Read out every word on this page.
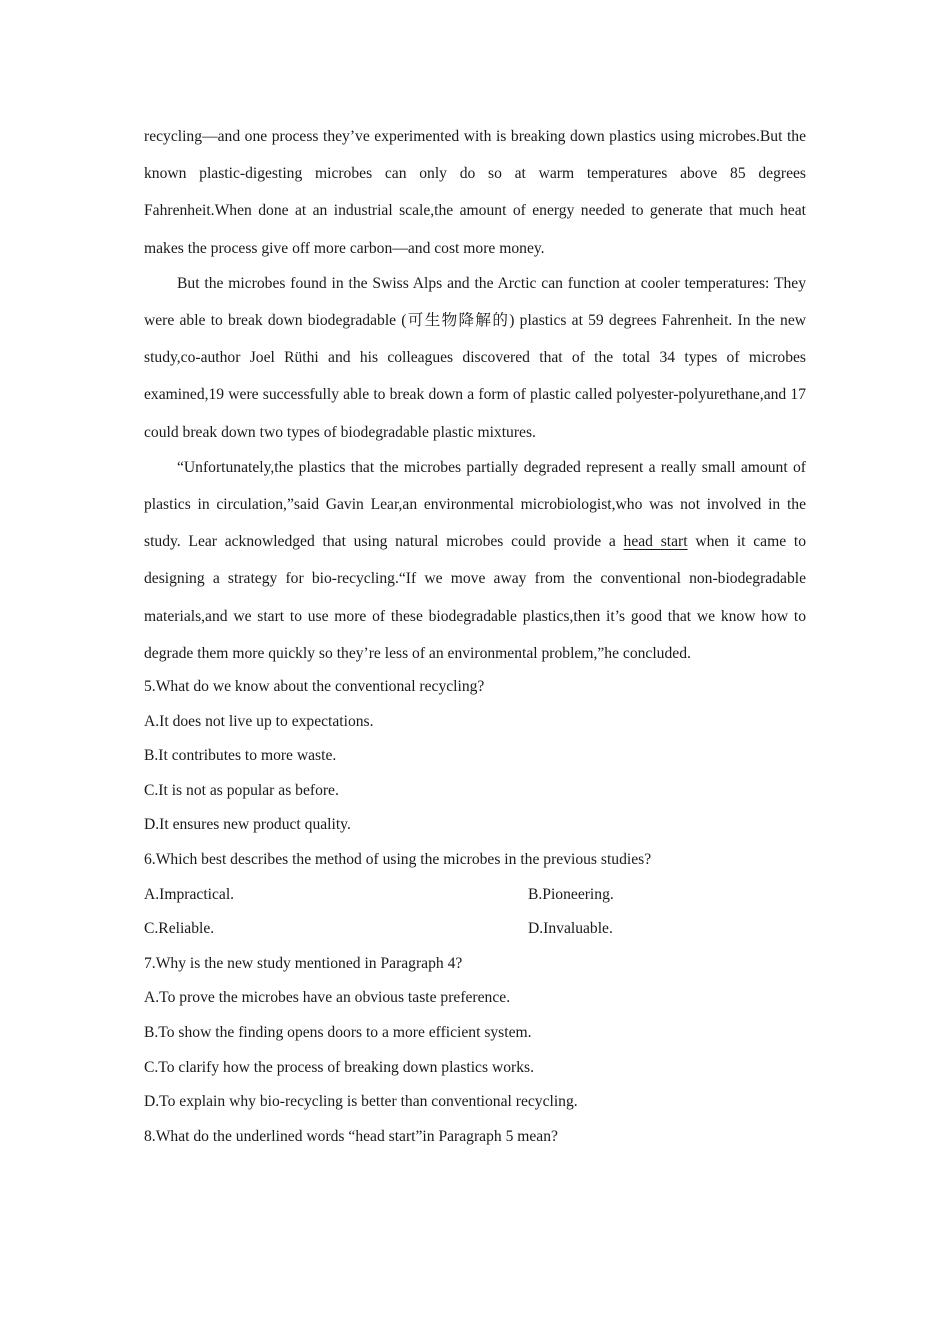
recycling—and one process they’ve experimented with is breaking down plastics using microbes.But the known plastic-digesting microbes can only do so at warm temperatures above 85 degrees Fahrenheit.When done at an industrial scale,the amount of energy needed to generate that much heat makes the process give off more carbon—and cost more money.

But the microbes found in the Swiss Alps and the Arctic can function at cooler temperatures: They were able to break down biodegradable (可生物降解的) plastics at 59 degrees Fahrenheit. In the new study,co-author Joel Rüthi and his colleagues discovered that of the total 34 types of microbes examined,19 were successfully able to break down a form of plastic called polyester-polyurethane,and 17 could break down two types of biodegradable plastic mixtures.

“Unfortunately,the plastics that the microbes partially degraded represent a really small amount of plastics in circulation,”said Gavin Lear,an environmental microbiologist,who was not involved in the study. Lear acknowledged that using natural microbes could provide a head start when it came to designing a strategy for bio-recycling.“If we move away from the conventional non-biodegradable materials,and we start to use more of these biodegradable plastics,then it’s good that we know how to degrade them more quickly so they’re less of an environmental problem,”he concluded.

5.What do we know about the conventional recycling?

A.It does not live up to expectations.

B.It contributes to more waste.

C.It is not as popular as before.

D.It ensures new product quality.

6.Which best describes the method of using the microbes in the previous studies?

A.Impractical.	B.Pioneering.
C.Reliable.	D.Invaluable.

7.Why is the new study mentioned in Paragraph 4?

A.To prove the microbes have an obvious taste preference.

B.To show the finding opens doors to a more efficient system.

C.To clarify how the process of breaking down plastics works.

D.To explain why bio-recycling is better than conventional recycling.

8.What do the underlined words “head start”in Paragraph 5 mean?
